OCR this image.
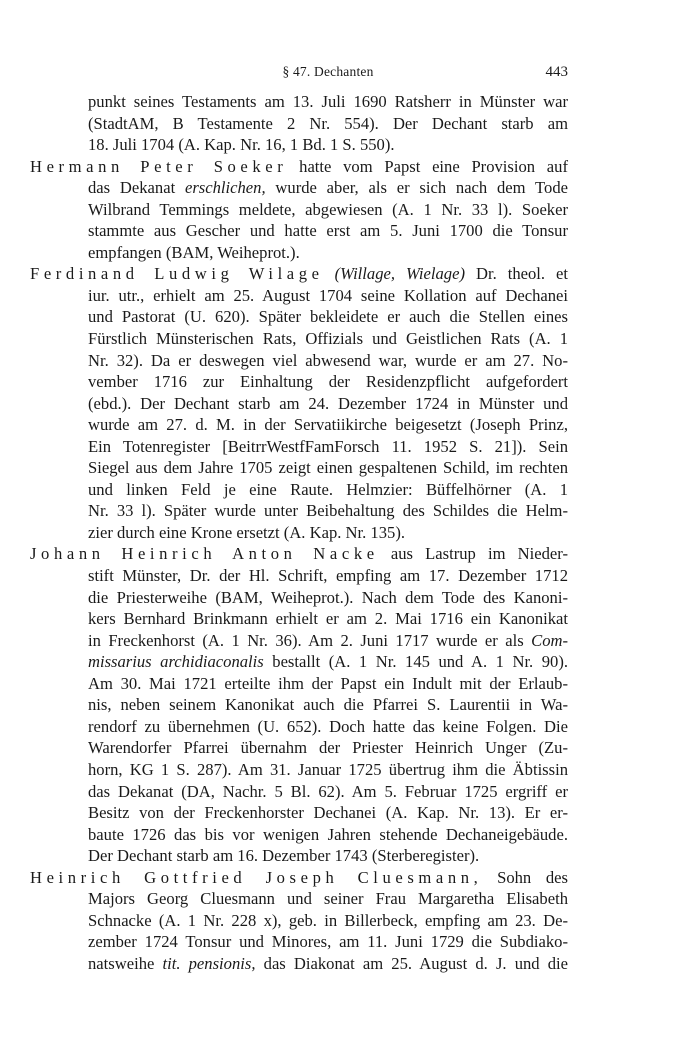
§ 47. Dechanten	443
punkt seines Testaments am 13. Juli 1690 Ratsherr in Münster war
(StadtAM, B Testamente 2 Nr. 554). Der Dechant starb am
18. Juli 1704 (A. Kap. Nr. 16, 1 Bd. 1 S. 550).
Hermann Peter Soeker hatte vom Papst eine Provision auf
das Dekanat erschlichen, wurde aber, als er sich nach dem Tode
Wilbrand Temmings meldete, abgewiesen (A. 1 Nr. 33 l). Soeker
stammte aus Gescher und hatte erst am 5. Juni 1700 die Tonsur
empfangen (BAM, Weiheprot.).
Ferdinand Ludwig Wilage (Willage, Wielage) Dr. theol. et
iur. utr., erhielt am 25. August 1704 seine Kollation auf Dechanei
und Pastorat (U. 620). Später bekleidete er auch die Stellen eines
Fürstlich Münsterischen Rats, Offizials und Geistlichen Rats (A. 1
Nr. 32). Da er deswegen viel abwesend war, wurde er am 27. No-
vember 1716 zur Einhaltung der Residenzpflicht aufgefordert
(ebd.). Der Dechant starb am 24. Dezember 1724 in Münster und
wurde am 27. d. M. in der Servatiikirche beigesetzt (Joseph Prinz,
Ein Totenregister [BeitrrWestfFamForsch 11. 1952 S. 21]). Sein
Siegel aus dem Jahre 1705 zeigt einen gespaltenen Schild, im rechten
und linken Feld je eine Raute. Helmzier: Büffelhörner (A. 1
Nr. 33 l). Später wurde unter Beibehaltung des Schildes die Helm-
zier durch eine Krone ersetzt (A. Kap. Nr. 135).
Johann Heinrich Anton Nacke aus Lastrup im Nieder-
stift Münster, Dr. der Hl. Schrift, empfing am 17. Dezember 1712
die Priesterweihe (BAM, Weiheprot.). Nach dem Tode des Kanoni-
kers Bernhard Brinkmann erhielt er am 2. Mai 1716 ein Kanonikat
in Freckenhorst (A. 1 Nr. 36). Am 2. Juni 1717 wurde er als Com-
missarius archidiaconalis bestallt (A. 1 Nr. 145 und A. 1 Nr. 90).
Am 30. Mai 1721 erteilte ihm der Papst ein Indult mit der Erlaub-
nis, neben seinem Kanonikat auch die Pfarrei S. Laurentii in Wa-
rendorf zu übernehmen (U. 652). Doch hatte das keine Folgen. Die
Warendorfer Pfarrei übernahm der Priester Heinrich Unger (Zu-
horn, KG 1 S. 287). Am 31. Januar 1725 übertrug ihm die Äbtissin
das Dekanat (DA, Nachr. 5 Bl. 62). Am 5. Februar 1725 ergriff er
Besitz von der Freckenhorster Dechanei (A. Kap. Nr. 13). Er er-
baute 1726 das bis vor wenigen Jahren stehende Dechaneigebäude.
Der Dechant starb am 16. Dezember 1743 (Sterberegister).
Heinrich Gottfried Joseph Cluesmann, Sohn des
Majors Georg Cluesmann und seiner Frau Margaretha Elisabeth
Schnacke (A. 1 Nr. 228 x), geb. in Billerbeck, empfing am 23. De-
zember 1724 Tonsur und Minores, am 11. Juni 1729 die Subdiako-
natsweihe tit. pensionis, das Diakonat am 25. August d. J. und die
